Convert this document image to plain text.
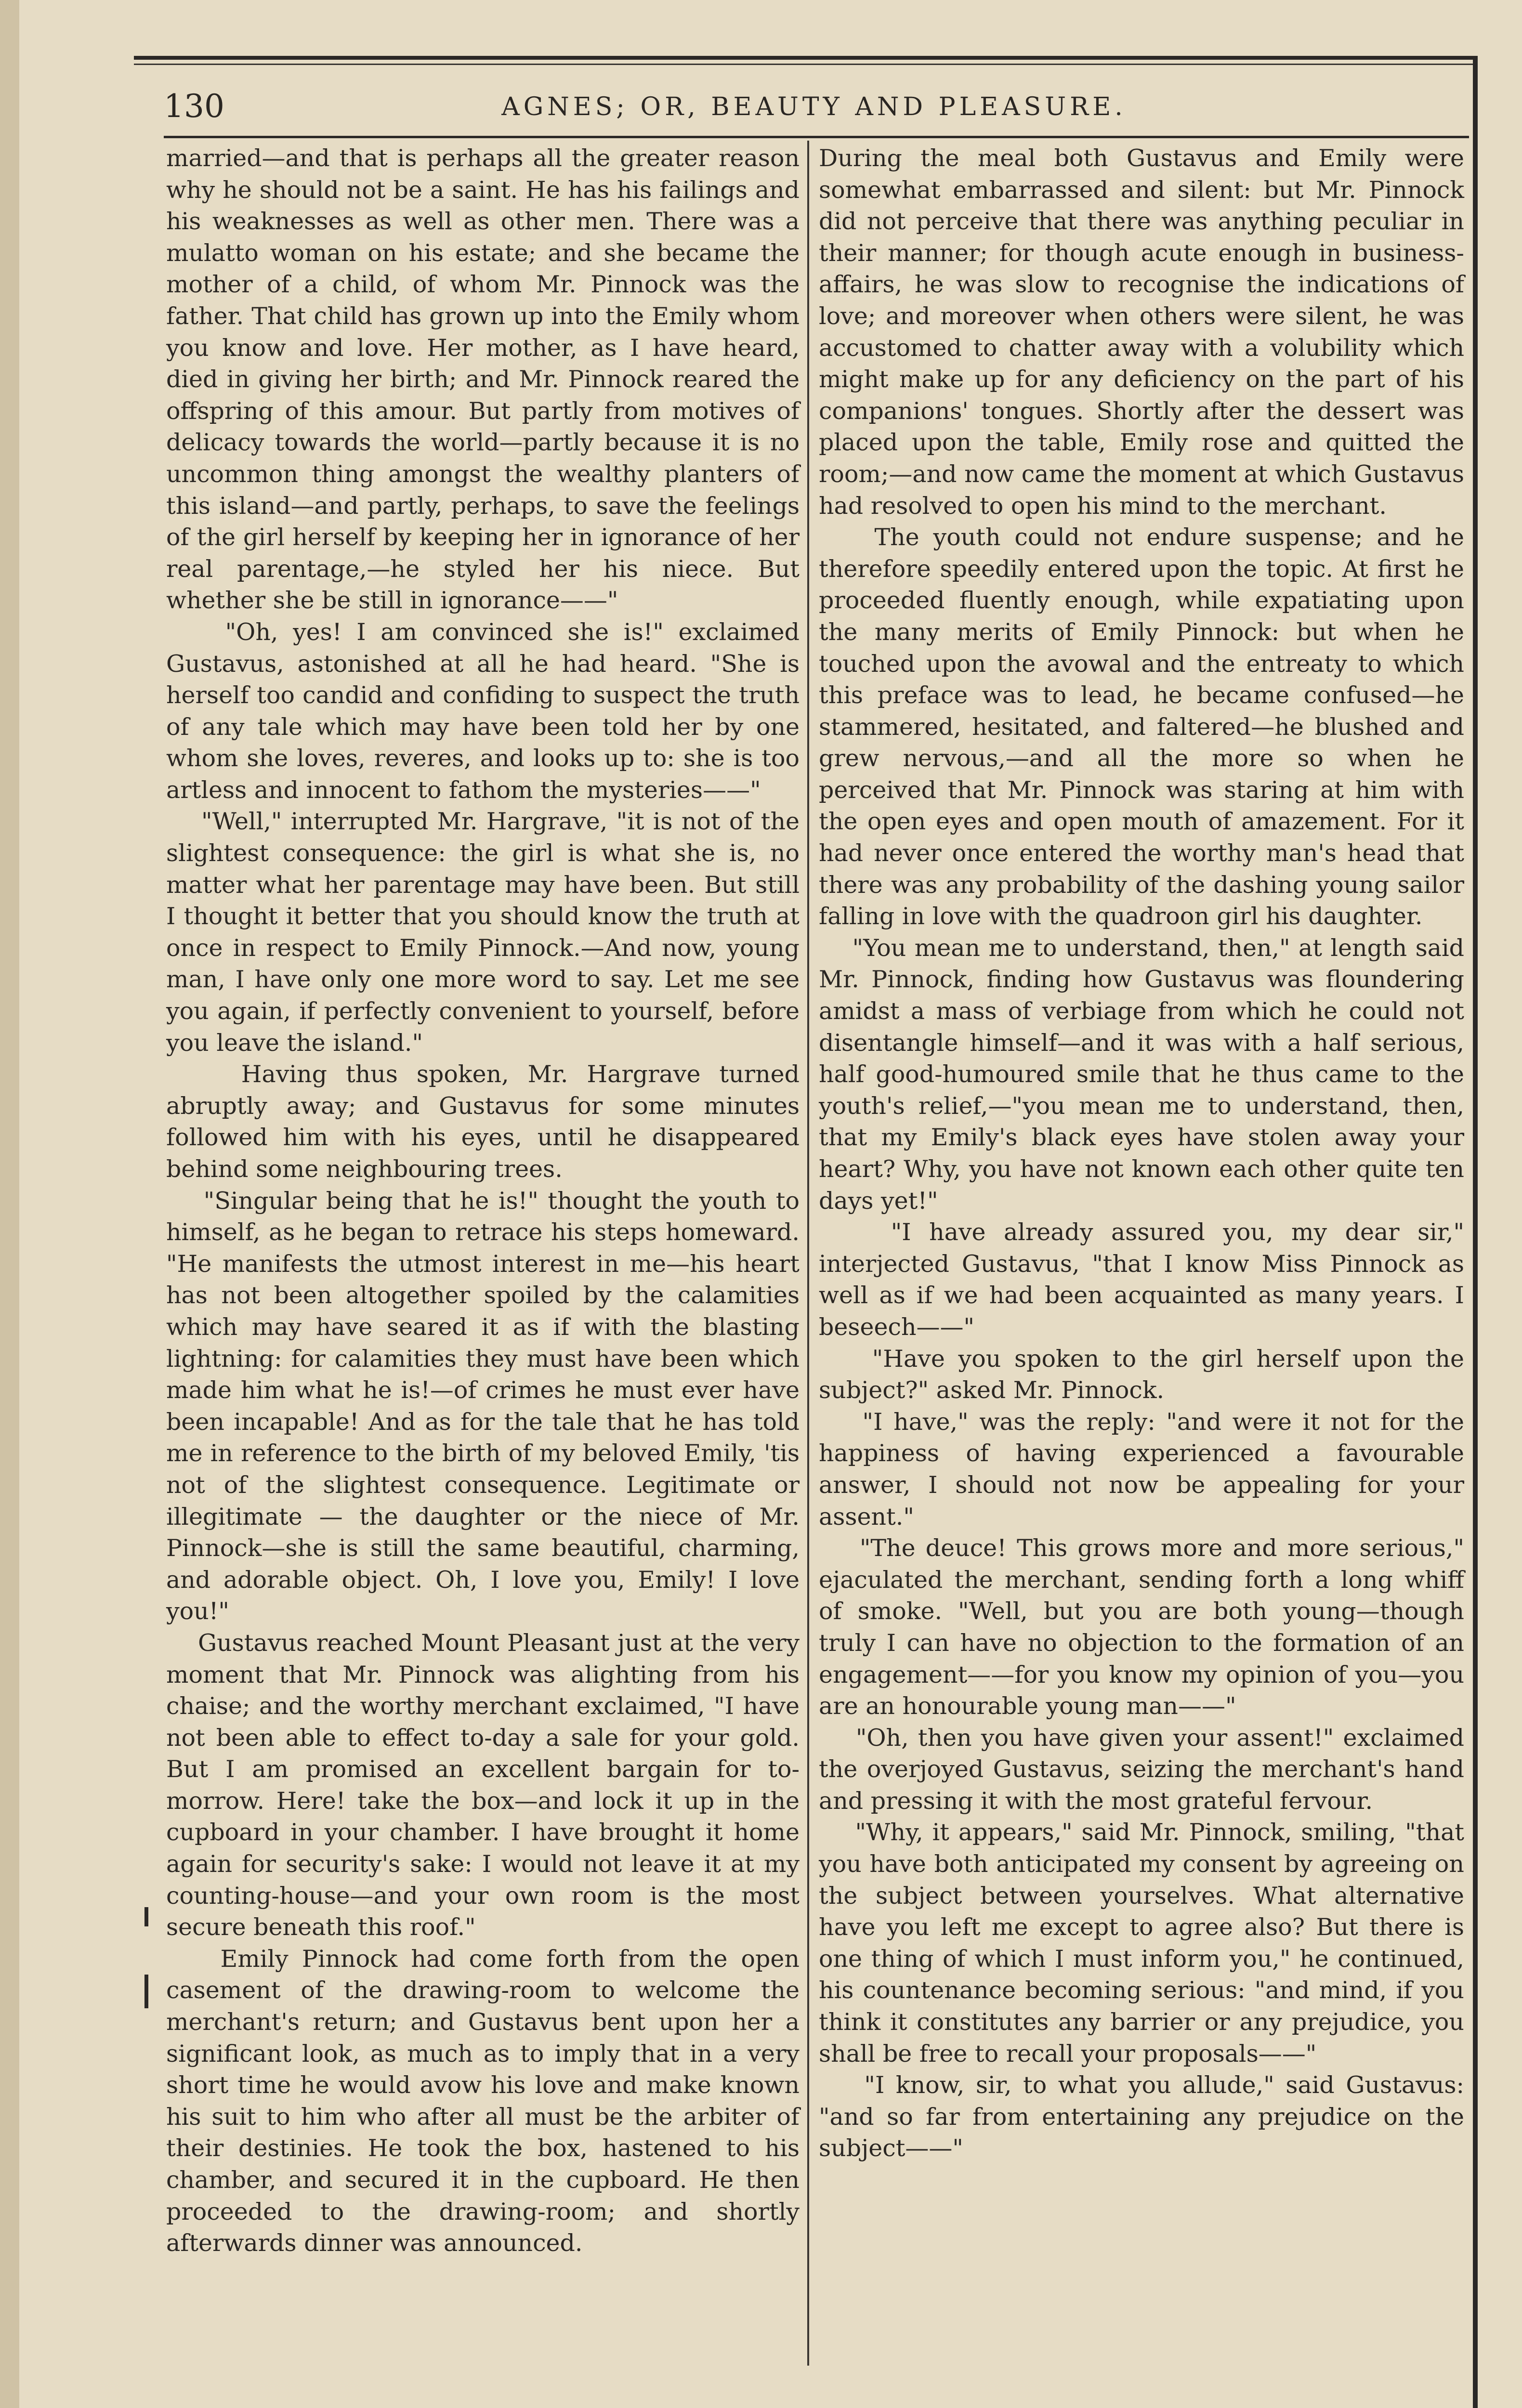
130	AGNES; OR, BEAUTY AND PLEASURE.
married—and that is perhaps all the greater reason why he should not be a saint. He has his failings and his weaknesses as well as other men. There was a mulatto woman on his estate; and she became the mother of a child, of whom Mr. Pinnock was the father. That child has grown up into the Emily whom you know and love. Her mother, as I have heard, died in giving her birth; and Mr. Pinnock reared the offspring of this amour. But partly from motives of delicacy towards the world—partly because it is no uncommon thing amongst the wealthy planters of this island—and partly, perhaps, to save the feelings of the girl herself by keeping her in ignorance of her real parentage,—he styled her his niece. But whether she be still in ignorance——"
"Oh, yes! I am convinced she is!" exclaimed Gustavus, astonished at all he had heard. "She is herself too candid and confiding to suspect the truth of any tale which may have been told her by one whom she loves, reveres, and looks up to: she is too artless and innocent to fathom the mysteries——"
"Well," interrupted Mr. Hargrave, "it is not of the slightest consequence: the girl is what she is, no matter what her parentage may have been. But still I thought it better that you should know the truth at once in respect to Emily Pinnock.—And now, young man, I have only one more word to say. Let me see you again, if perfectly convenient to yourself, before you leave the island."
Having thus spoken, Mr. Hargrave turned abruptly away; and Gustavus for some minutes followed him with his eyes, until he disappeared behind some neighbouring trees.
"Singular being that he is!" thought the youth to himself, as he began to retrace his steps homeward. "He manifests the utmost interest in me—his heart has not been altogether spoiled by the calamities which may have seared it as if with the blasting lightning: for calamities they must have been which made him what he is!—of crimes he must ever have been incapable! And as for the tale that he has told me in reference to the birth of my beloved Emily, 'tis not of the slightest consequence. Legitimate or illegitimate — the daughter or the niece of Mr. Pinnock—she is still the same beautiful, charming, and adorable object. Oh, I love you, Emily! I love you!"
Gustavus reached Mount Pleasant just at the very moment that Mr. Pinnock was alighting from his chaise; and the worthy merchant exclaimed, "I have not been able to effect to-day a sale for your gold. But I am promised an excellent bargain for to-morrow. Here! take the box—and lock it up in the cupboard in your chamber. I have brought it home again for security's sake: I would not leave it at my counting-house—and your own room is the most secure beneath this roof."
Emily Pinnock had come forth from the open casement of the drawing-room to welcome the merchant's return; and Gustavus bent upon her a significant look, as much as to imply that in a very short time he would avow his love and make known his suit to him who after all must be the arbiter of their destinies. He took the box, hastened to his chamber, and secured it in the cupboard. He then proceeded to the drawing-room; and shortly afterwards dinner was announced.
During the meal both Gustavus and Emily were somewhat embarrassed and silent: but Mr. Pinnock did not perceive that there was anything peculiar in their manner; for though acute enough in business-affairs, he was slow to recognise the indications of love; and moreover when others were silent, he was accustomed to chatter away with a volubility which might make up for any deficiency on the part of his companions' tongues. Shortly after the dessert was placed upon the table, Emily rose and quitted the room;—and now came the moment at which Gustavus had resolved to open his mind to the merchant.
The youth could not endure suspense; and he therefore speedily entered upon the topic. At first he proceeded fluently enough, while expatiating upon the many merits of Emily Pinnock: but when he touched upon the avowal and the entreaty to which this preface was to lead, he became confused—he stammered, hesitated, and faltered—he blushed and grew nervous,—and all the more so when he perceived that Mr. Pinnock was staring at him with the open eyes and open mouth of amazement. For it had never once entered the worthy man's head that there was any probability of the dashing young sailor falling in love with the quadroon girl his daughter.
"You mean me to understand, then," at length said Mr. Pinnock, finding how Gustavus was floundering amidst a mass of verbiage from which he could not disentangle himself—and it was with a half serious, half good-humoured smile that he thus came to the youth's relief,—"you mean me to understand, then, that my Emily's black eyes have stolen away your heart? Why, you have not known each other quite ten days yet!"
"I have already assured you, my dear sir," interjected Gustavus, "that I know Miss Pinnock as well as if we had been acquainted as many years. I beseech——"
"Have you spoken to the girl herself upon the subject?" asked Mr. Pinnock.
"I have," was the reply: "and were it not for the happiness of having experienced a favourable answer, I should not now be appealing for your assent."
"The deuce! This grows more and more serious," ejaculated the merchant, sending forth a long whiff of smoke. "Well, but you are both young—though truly I can have no objection to the formation of an engagement——for you know my opinion of you—you are an honourable young man——"
"Oh, then you have given your assent!" exclaimed the overjoyed Gustavus, seizing the merchant's hand and pressing it with the most grateful fervour.
"Why, it appears," said Mr. Pinnock, smiling, "that you have both anticipated my consent by agreeing on the subject between yourselves. What alternative have you left me except to agree also? But there is one thing of which I must inform you," he continued, his countenance becoming serious: "and mind, if you think it constitutes any barrier or any prejudice, you shall be free to recall your proposals——"
"I know, sir, to what you allude," said Gustavus: "and so far from entertaining any prejudice on the subject——"
